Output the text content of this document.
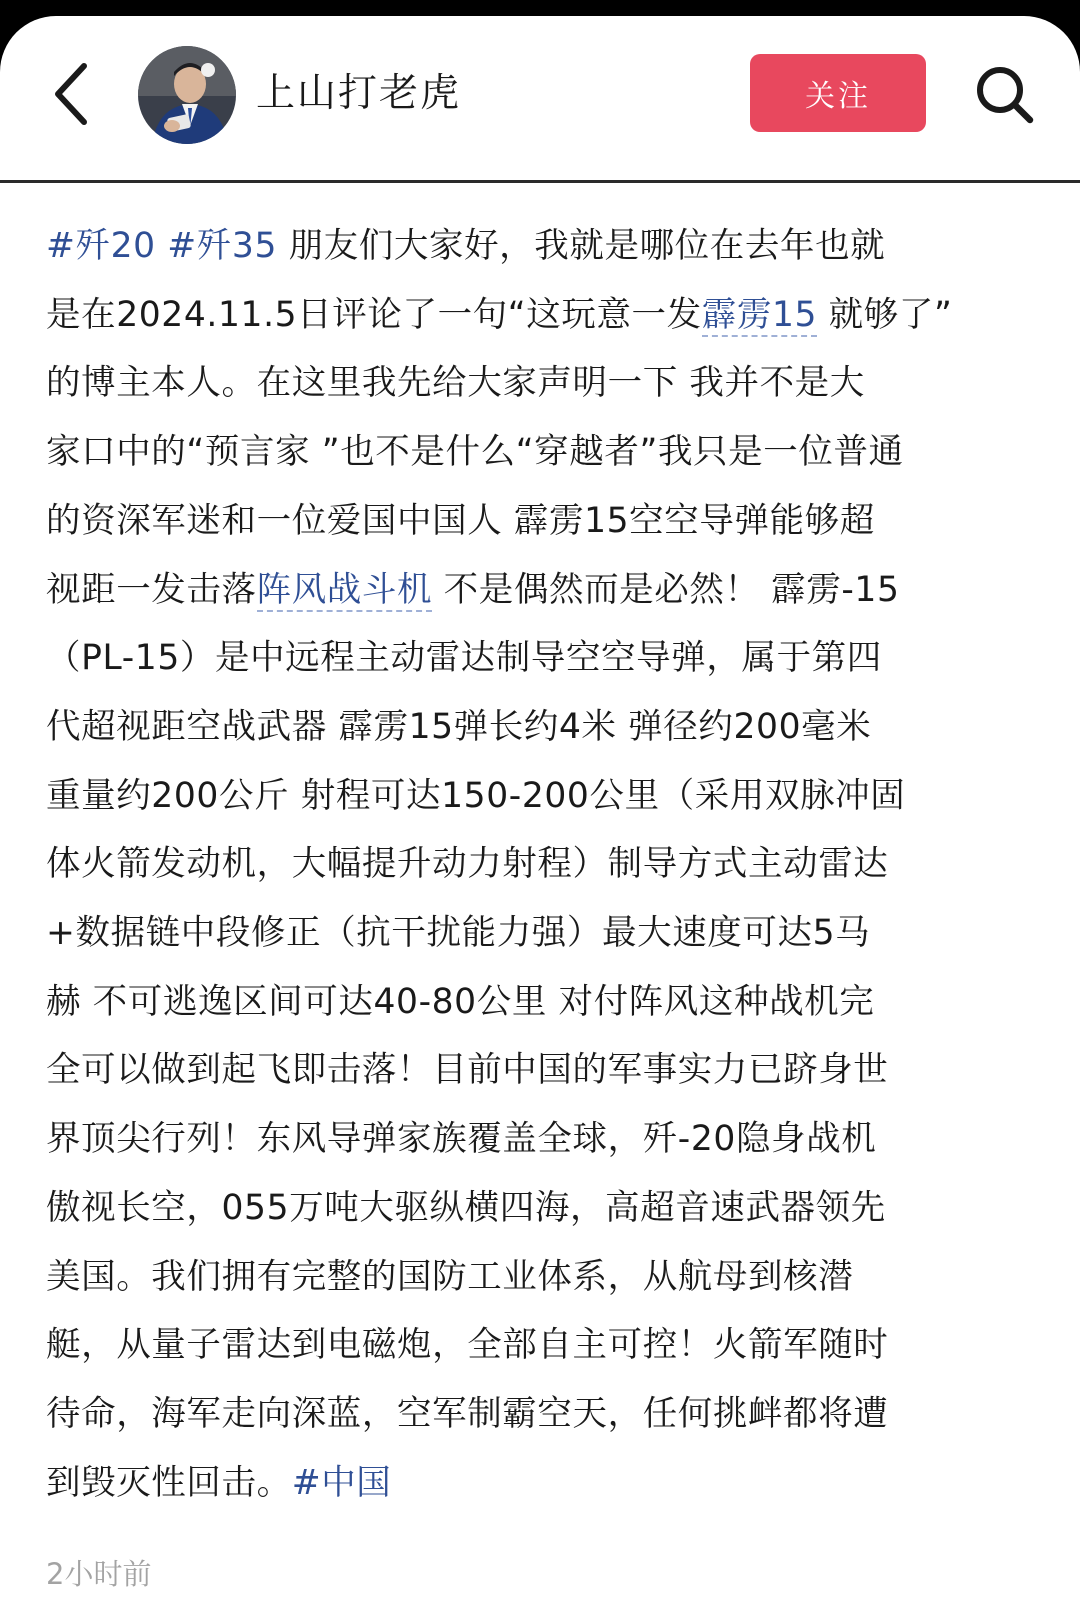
上山打老虎	关注
#歼20 #歼35 朋友们大家好，我就是哪位在去年也就
是在2024.11.5日评论了一句“这玩意一发霹雳15 就够了”
的博主本人。在这里我先给大家声明一下 我并不是大
家口中的“预言家 ”也不是什么“穿越者”我只是一位普通
的资深军迷和一位爱国中国人 霹雳15空空导弹能够超
视距一发击落阵风战斗机 不是偶然而是必然！ 霹雳-15
（PL-15）是中远程主动雷达制导空空导弹，属于第四
代超视距空战武器 霹雳15弹长约4米 弹径约200毫米
重量约200公斤 射程可达150-200公里（采用双脉冲固
体火箭发动机，大幅提升动力射程）制导方式主动雷达
+数据链中段修正（抗干扰能力强）最大速度可达5马
赫 不可逃逸区间可达40-80公里 对付阵风这种战机完
全可以做到起飞即击落！目前中国的军事实力已跻身世
界顶尖行列！东风导弹家族覆盖全球，歼-20隐身战机
傲视长空，055万吨大驱纵横四海，高超音速武器领先
美国。我们拥有完整的国防工业体系，从航母到核潜
艇，从量子雷达到电磁炮，全部自主可控！火箭军随时
待命，海军走向深蓝，空军制霸空天，任何挑衅都将遭
到毁灭性回击。#中国
2小时前
